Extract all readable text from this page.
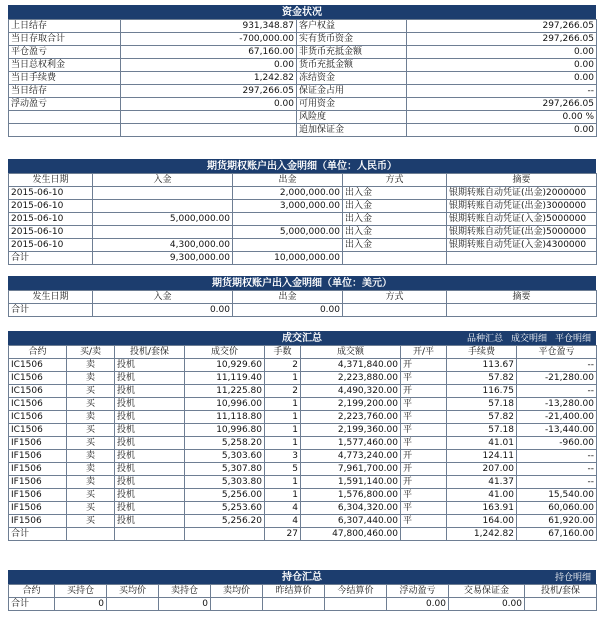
资金状况
上日结存	931,348.87	客户权益	297,266.05
当日存取合计	-700,000.00	实有货币资金	297,266.05
平仓盈亏	67,160.00	非货币充抵金额	0.00
当日总权利金	0.00	货币充抵金额	0.00
当日手续费	1,242.82	冻结资金	0.00
当日结存	297,266.05	保证金占用	--
浮动盈亏	0.00	可用资金	297,266.05
		风险度	0.00 %
		追加保证金	0.00
期货期权账户出入金明细（单位：人民币）
发生日期	入金	出金	方式	摘要
2015-06-10		2,000,000.00	出入金	银期转账自动凭证(出金)2000000
2015-06-10		3,000,000.00	出入金	银期转账自动凭证(出金)3000000
2015-06-10	5,000,000.00		出入金	银期转账自动凭证(入金)5000000
2015-06-10		5,000,000.00	出入金	银期转账自动凭证(出金)5000000
2015-06-10	4,300,000.00		出入金	银期转账自动凭证(入金)4300000
合计	9,300,000.00	10,000,000.00		
期货期权账户出入金明细（单位：美元）
发生日期	入金	出金	方式	摘要
合计	0.00	0.00		
成交汇总	品种汇总 成交明细 平仓明细
合约	买/卖	投机/套保	成交价	手数	成交额	开/平	手续费	平仓盈亏
IC1506	卖	投机	10,929.60	2	4,371,840.00	开	113.67	--
IC1506	卖	投机	11,119.40	1	2,223,880.00	平	57.82	-21,280.00
IC1506	买	投机	11,225.80	2	4,490,320.00	开	116.75	--
IC1506	买	投机	10,996.00	1	2,199,200.00	平	57.18	-13,280.00
IC1506	卖	投机	11,118.80	1	2,223,760.00	平	57.82	-21,400.00
IC1506	买	投机	10,996.80	1	2,199,360.00	平	57.18	-13,440.00
IF1506	买	投机	5,258.20	1	1,577,460.00	平	41.01	-960.00
IF1506	卖	投机	5,303.60	3	4,773,240.00	开	124.11	--
IF1506	卖	投机	5,307.80	5	7,961,700.00	开	207.00	--
IF1506	卖	投机	5,303.80	1	1,591,140.00	开	41.37	--
IF1506	买	投机	5,256.00	1	1,576,800.00	平	41.00	15,540.00
IF1506	买	投机	5,253.60	4	6,304,320.00	平	163.91	60,060.00
IF1506	买	投机	5,256.20	4	6,307,440.00	平	164.00	61,920.00
合计				27	47,800,460.00		1,242.82	67,160.00
持仓汇总	持仓明细
合约	买持仓	买均价	卖持仓	卖均价	昨结算价	今结算价	浮动盈亏	交易保证金	投机/套保
合计	0		0				0.00	0.00	
